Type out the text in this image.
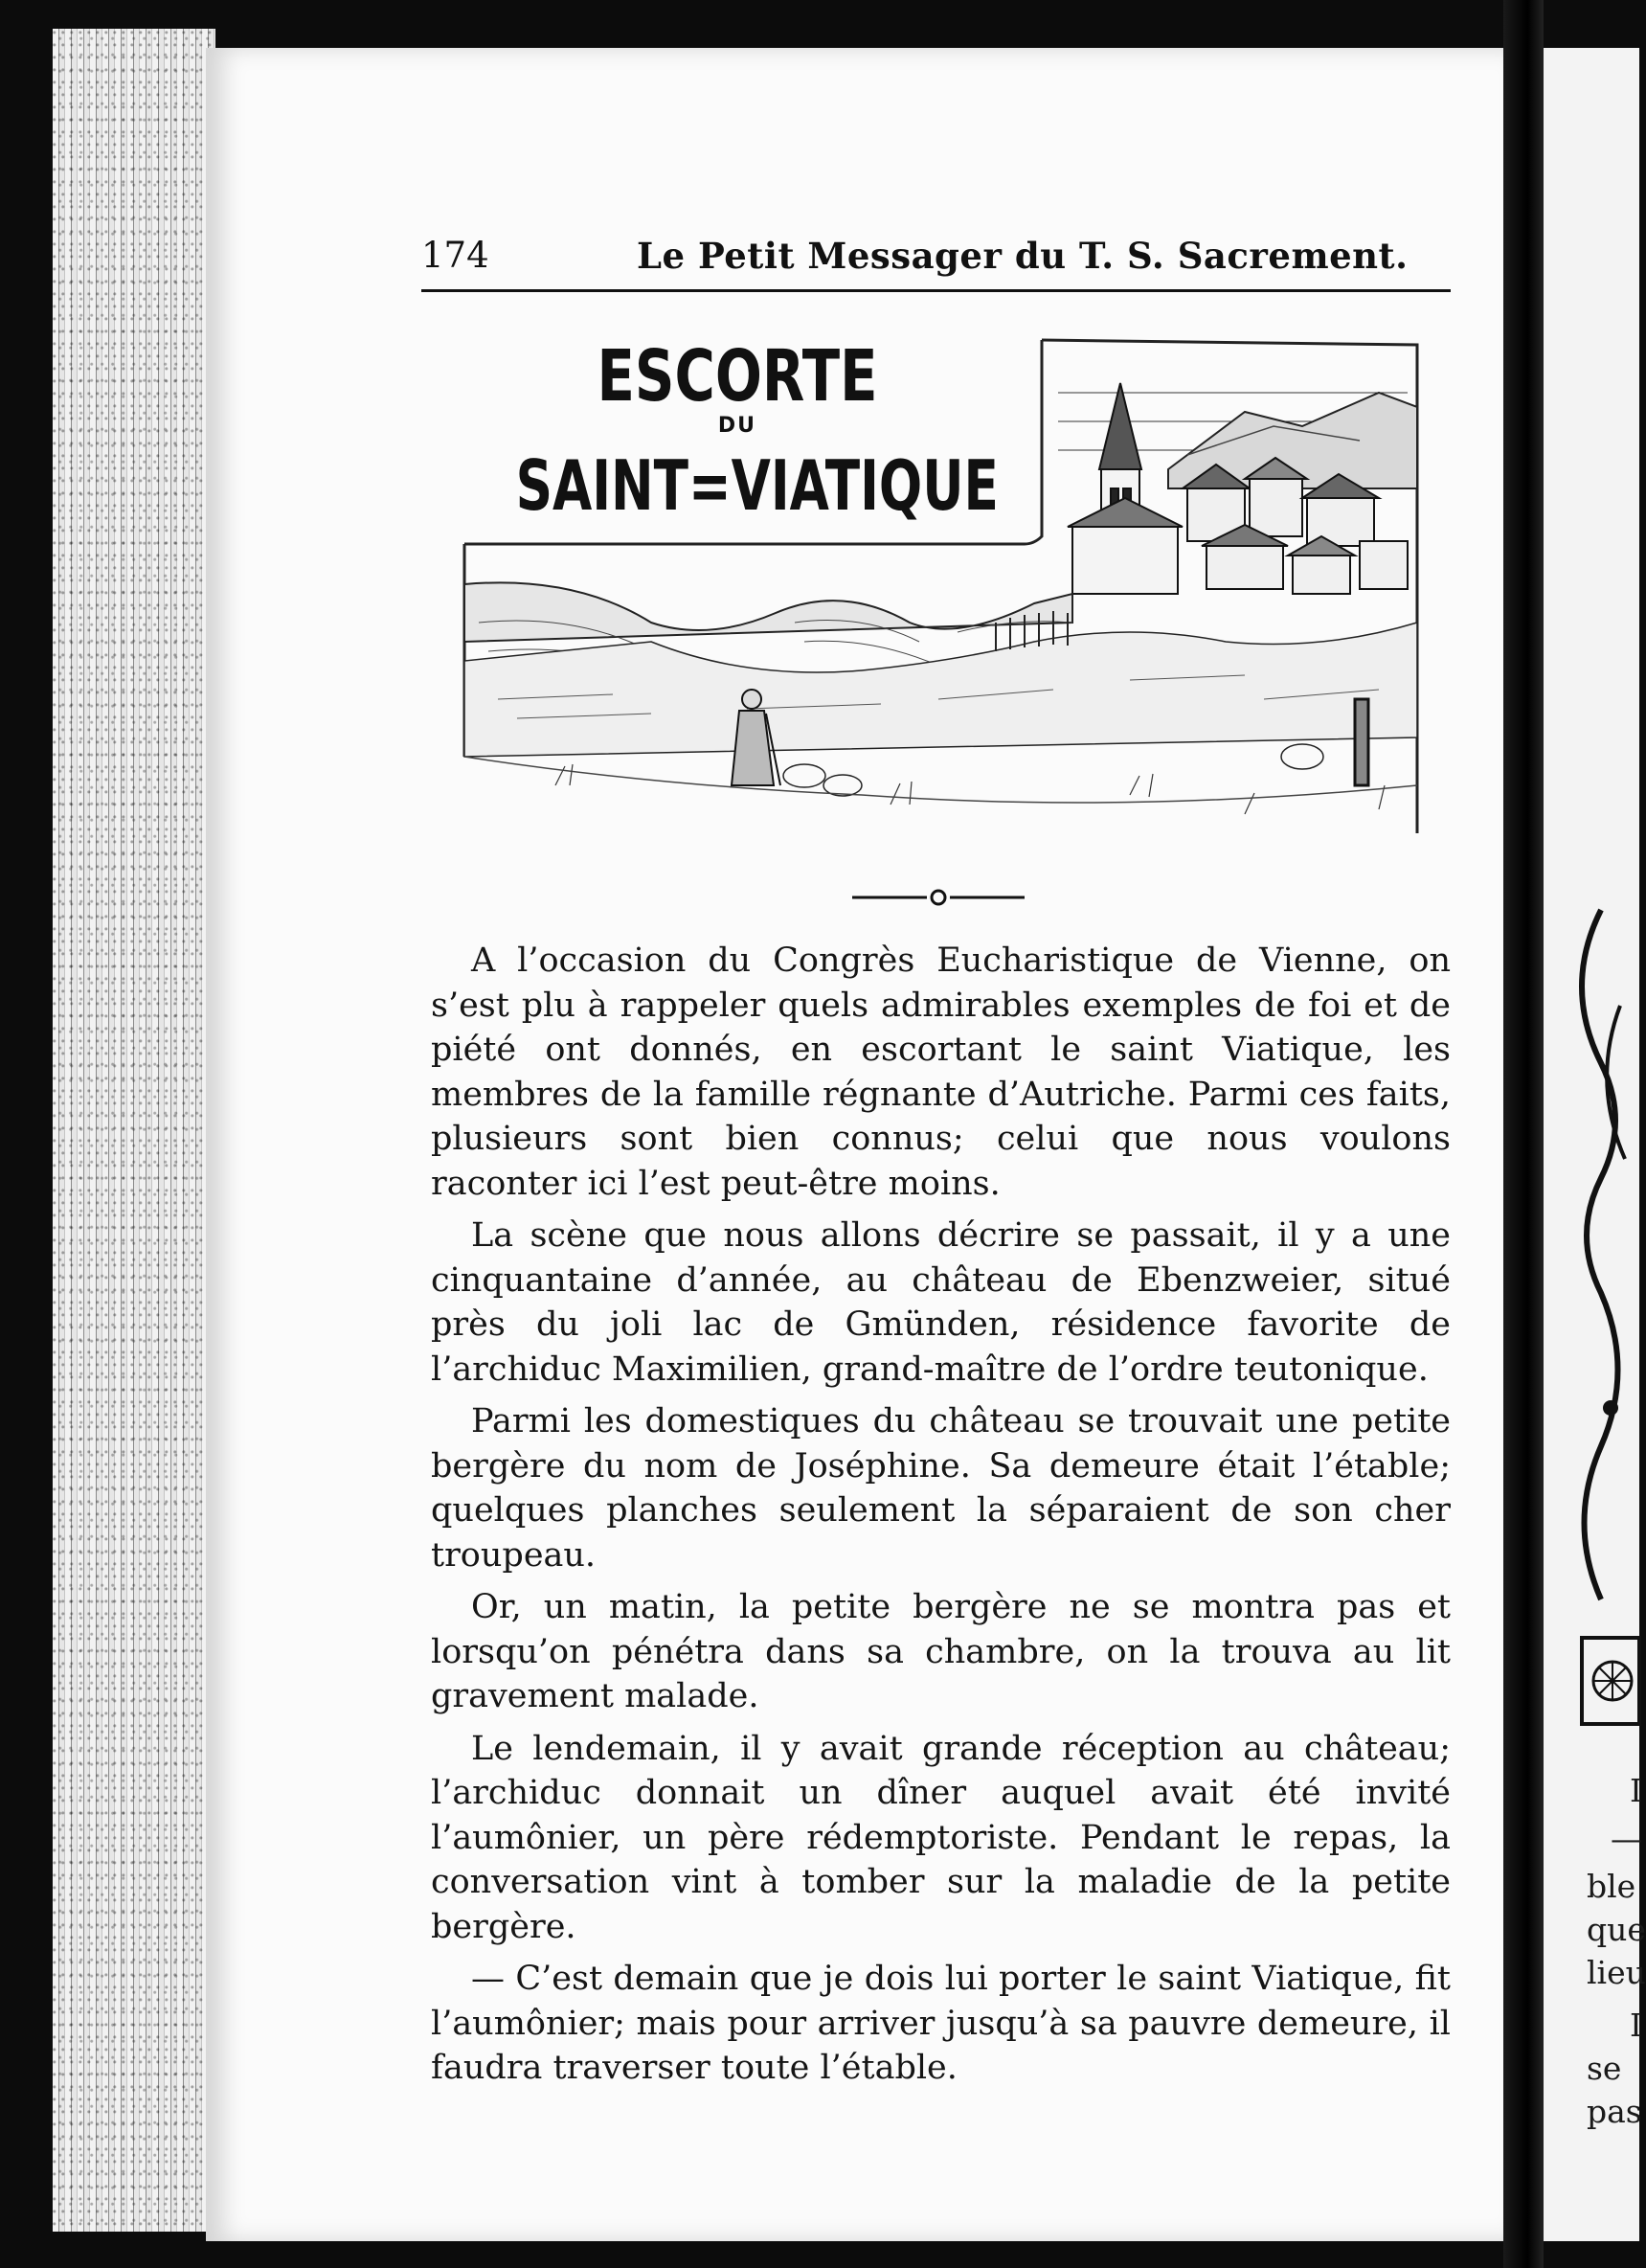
174	Le Petit Messager du T. S. Sacrement.
ESCORTE
DU
SAINT=VIATIQUE

A l’occasion du Congrès Eucharistique de Vienne, on s’est plu à rappeler quels admirables exemples de foi et de piété ont donnés, en escortant le saint Viatique, les membres de la famille régnante d’Autriche. Parmi ces faits, plusieurs sont bien connus; celui que nous voulons raconter ici l’est peut-être moins.

La scène que nous allons décrire se passait, il y a une cinquantaine d’année, au château de Ebenzweier, situé près du joli lac de Gmünden, résidence favorite de l’archiduc Maximilien, grand-maître de l’ordre teutonique.

Parmi les domestiques du château se trouvait une petite bergère du nom de Joséphine. Sa demeure était l’étable; quelques planches seulement la séparaient de son cher troupeau.

Or, un matin, la petite bergère ne se montra pas et lorsqu’on pénétra dans sa chambre, on la trouva au lit gravement malade.

Le lendemain, il y avait grande réception au château; l’archiduc donnait un dîner auquel avait été invité l’aumônier, un père rédemptoriste. Pendant le repas, la conversation vint à tomber sur la maladie de la petite bergère.

— C’est demain que je dois lui porter le saint Viatique, fit l’aumônier; mais pour arriver jusqu’à sa pauvre demeure, il faudra traverser toute l’étable.

I
—
ble
que
lieu
I
se
pas
